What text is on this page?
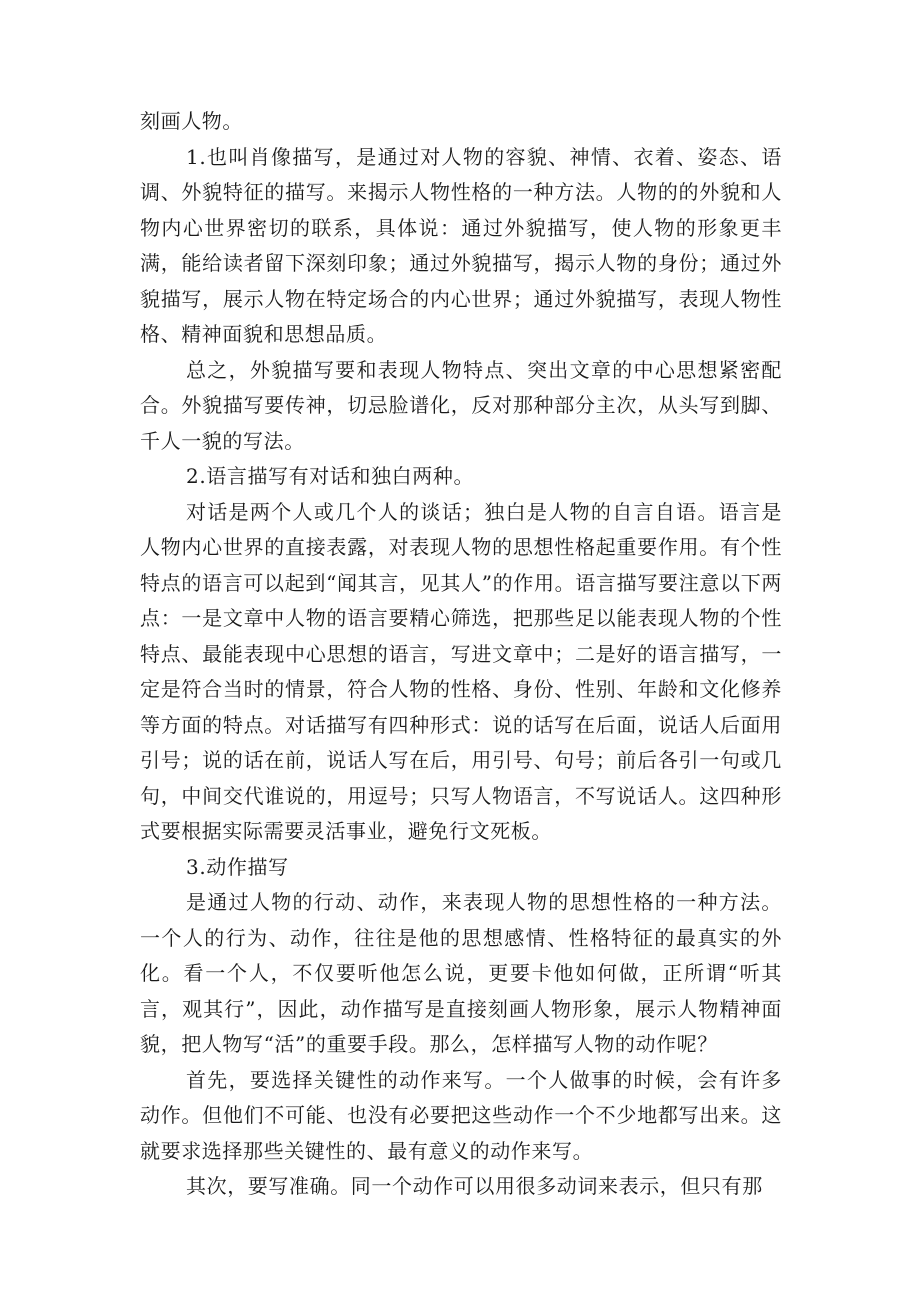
刻画人物。

1.也叫肖像描写，是通过对人物的容貌、神情、衣着、姿态、语调、外貌特征的描写。来揭示人物性格的一种方法。人物的的外貌和人物内心世界密切的联系，具体说：通过外貌描写，使人物的形象更丰满，能给读者留下深刻印象；通过外貌描写，揭示人物的身份；通过外貌描写，展示人物在特定场合的内心世界；通过外貌描写，表现人物性格、精神面貌和思想品质。

总之，外貌描写要和表现人物特点、突出文章的中心思想紧密配合。外貌描写要传神，切忌脸谱化，反对那种部分主次，从头写到脚、千人一貌的写法。

2.语言描写有对话和独白两种。

对话是两个人或几个人的谈话；独白是人物的自言自语。语言是人物内心世界的直接表露，对表现人物的思想性格起重要作用。有个性特点的语言可以起到“闻其言，见其人”的作用。语言描写要注意以下两点：一是文章中人物的语言要精心筛选，把那些足以能表现人物的个性特点、最能表现中心思想的语言，写进文章中；二是好的语言描写，一定是符合当时的情景，符合人物的性格、身份、性别、年龄和文化修养等方面的特点。对话描写有四种形式：说的话写在后面，说话人后面用引号；说的话在前，说话人写在后，用引号、句号；前后各引一句或几句，中间交代谁说的，用逗号；只写人物语言，不写说话人。这四种形式要根据实际需要灵活事业，避免行文死板。

3.动作描写

是通过人物的行动、动作，来表现人物的思想性格的一种方法。一个人的行为、动作，往往是他的思想感情、性格特征的最真实的外化。看一个人，不仅要听他怎么说，更要卡他如何做，正所谓“听其言，观其行”，因此，动作描写是直接刻画人物形象，展示人物精神面貌，把人物写“活”的重要手段。那么，怎样描写人物的动作呢？

首先，要选择关键性的动作来写。一个人做事的时候，会有许多动作。但他们不可能、也没有必要把这些动作一个不少地都写出来。这就要求选择那些关键性的、最有意义的动作来写。

其次，要写准确。同一个动作可以用很多动词来表示，但只有那
